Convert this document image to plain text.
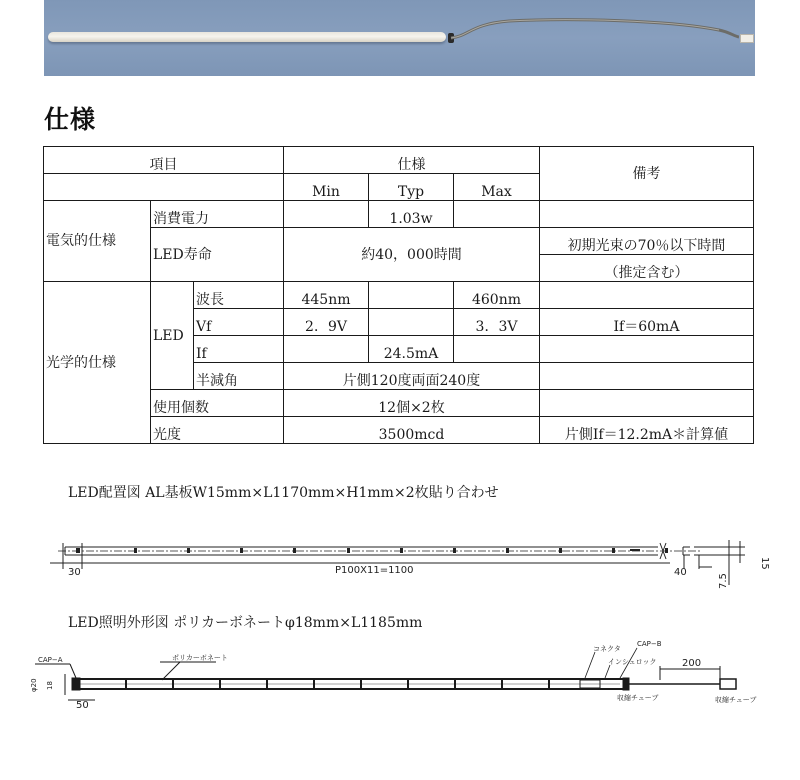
仕様
項目			仕様			備考
			Min	Typ	Max	
電気的仕様	消費電力			1.03w		
	LED寿命		約40，000時間			初期光束の70％以下時間
						（推定含む）
光学的仕様	LED	波長	445nm		460nm	
		Vf	2．9V		3．3V	If＝60mA
		If		24.5mA		
		半減角	片側120度両面240度			
	使用個数		12個×2枚			
	光度		3500mcd			片側If＝12.2mA＊計算値
LED配置図 AL基板W15mm×L1170mm×H1mm×2枚貼り合わせ
30	P100X11=1100	40
7.5
15
LED照明外形図 ポリカーボネートφ18mm×L1185mm
CAP−A	ポリカーボネート
コネクタ
インシュロック
CAP−B
収縮チューブ	収縮チューブ
φ20 18
50
200
